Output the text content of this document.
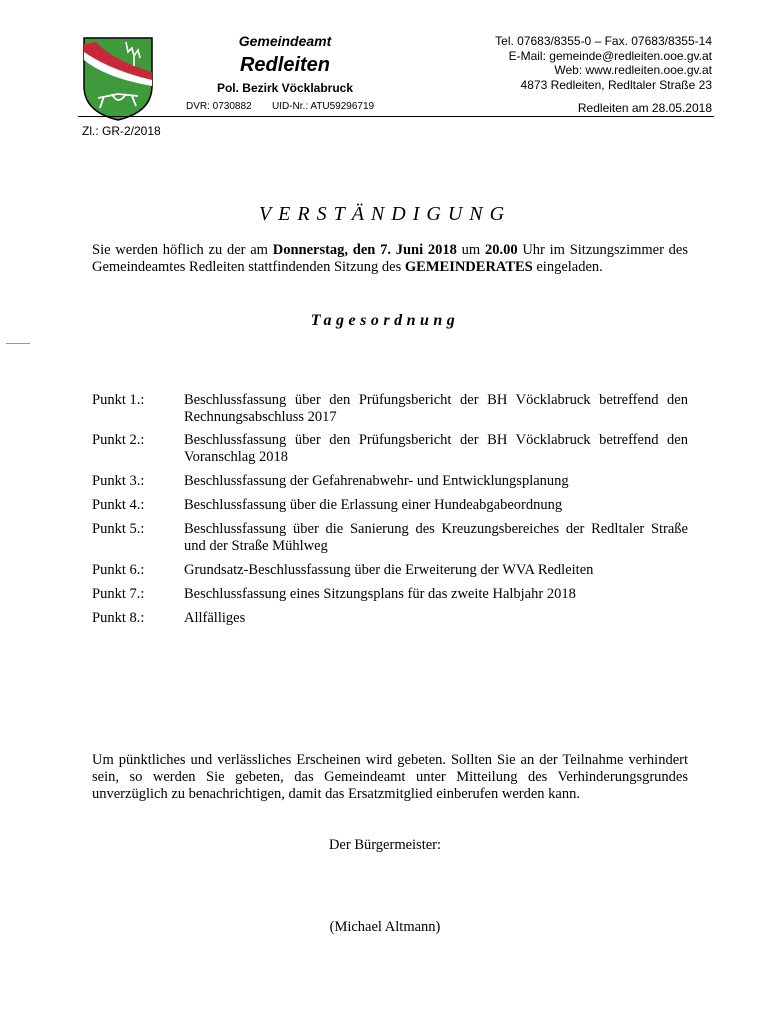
Gemeindeamt
Redleiten
Pol. Bezirk Vöcklabruck
DVR: 0730882 UID-Nr.: ATU59296719
Tel. 07683/8355-0 – Fax. 07683/8355-14
E-Mail: gemeinde@redleiten.ooe.gv.at
Web: www.redleiten.ooe.gv.at
4873 Redleiten, Redltaler Straße 23
Redleiten am 28.05.2018
Zl.: GR-2/2018
VERSTÄNDIGUNG
Sie werden höflich zu der am Donnerstag, den 7. Juni 2018 um 20.00 Uhr im Sitzungszimmer des Gemeindeamtes Redleiten stattfindenden Sitzung des GEMEINDERATES eingeladen.
Tagesordnung
Punkt 1.:	Beschlussfassung über den Prüfungsbericht der BH Vöcklabruck betreffend den Rechnungsabschluss 2017
Punkt 2.:	Beschlussfassung über den Prüfungsbericht der BH Vöcklabruck betreffend den Voranschlag 2018
Punkt 3.:	Beschlussfassung der Gefahrenabwehr- und Entwicklungsplanung
Punkt 4.:	Beschlussfassung über die Erlassung einer Hundeabgabeordnung
Punkt 5.:	Beschlussfassung über die Sanierung des Kreuzungsbereiches der Redltaler Straße und der Straße Mühlweg
Punkt 6.:	Grundsatz-Beschlussfassung über die Erweiterung der WVA Redleiten
Punkt 7.:	Beschlussfassung eines Sitzungsplans für das zweite Halbjahr 2018
Punkt 8.:	Allfälliges
Um pünktliches und verlässliches Erscheinen wird gebeten. Sollten Sie an der Teilnahme verhindert sein, so werden Sie gebeten, das Gemeindeamt unter Mitteilung des Verhinderungsgrundes unverzüglich zu benachrichtigen, damit das Ersatzmitglied einberufen werden kann.
Der Bürgermeister:
(Michael Altmann)
